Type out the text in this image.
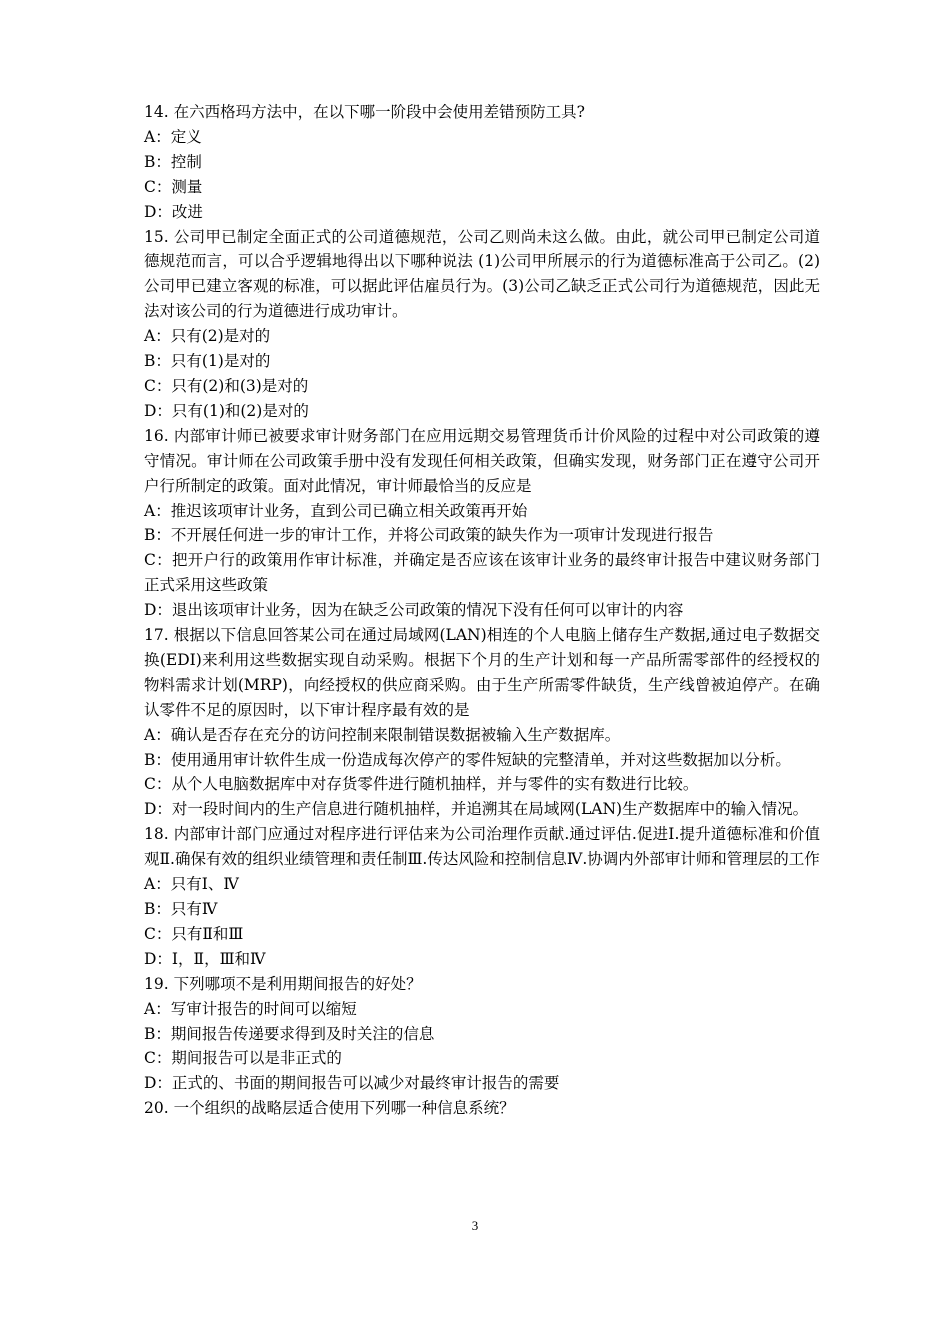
14. 在六西格玛方法中，在以下哪一阶段中会使用差错预防工具?

A：定义

B：控制

C：测量

D：改进

15. 公司甲已制定全面正式的公司道德规范，公司乙则尚未这么做。由此，就公司甲已制定公司道德规范而言，可以合乎逻辑地得出以下哪种说法 (1)公司甲所展示的行为道德标准高于公司乙。(2)公司甲已建立客观的标准，可以据此评估雇员行为。(3)公司乙缺乏正式公司行为道德规范，因此无法对该公司的行为道德进行成功审计。

A：只有(2)是对的

B：只有(1)是对的

C：只有(2)和(3)是对的

D：只有(1)和(2)是对的

16. 内部审计师已被要求审计财务部门在应用远期交易管理货币计价风险的过程中对公司政策的遵守情况。审计师在公司政策手册中没有发现任何相关政策，但确实发现，财务部门正在遵守公司开户行所制定的政策。面对此情况，审计师最恰当的反应是

A：推迟该项审计业务，直到公司已确立相关政策再开始

B：不开展任何进一步的审计工作，并将公司政策的缺失作为一项审计发现进行报告

C：把开户行的政策用作审计标准，并确定是否应该在该审计业务的最终审计报告中建议财务部门正式采用这些政策

D：退出该项审计业务，因为在缺乏公司政策的情况下没有任何可以审计的内容

17. 根据以下信息回答某公司在通过局域网(LAN)相连的个人电脑上储存生产数据,通过电子数据交换(EDI)来利用这些数据实现自动采购。根据下个月的生产计划和每一产品所需零部件的经授权的物料需求计划(MRP)，向经授权的供应商采购。由于生产所需零件缺货，生产线曾被迫停产。在确认零件不足的原因时，以下审计程序最有效的是

A：确认是否存在充分的访问控制来限制错误数据被输入生产数据库。

B：使用通用审计软件生成一份造成每次停产的零件短缺的完整清单，并对这些数据加以分析。

C：从个人电脑数据库中对存货零件进行随机抽样，并与零件的实有数进行比较。

D：对一段时间内的生产信息进行随机抽样，并追溯其在局域网(LAN)生产数据库中的输入情况。

18. 内部审计部门应通过对程序进行评估来为公司治理作贡献.通过评估.促进Ⅰ.提升道德标准和价值观Ⅱ.确保有效的组织业绩管理和责任制Ⅲ.传达风险和控制信息Ⅳ.协调内外部审计师和管理层的工作

A：只有Ⅰ、Ⅳ

B：只有Ⅳ

C：只有Ⅱ和Ⅲ

D：Ⅰ，Ⅱ，Ⅲ和Ⅳ

19. 下列哪项不是利用期间报告的好处？

A：写审计报告的时间可以缩短

B：期间报告传递要求得到及时关注的信息

C：期间报告可以是非正式的

D：正式的、书面的期间报告可以减少对最终审计报告的需要

20. 一个组织的战略层适合使用下列哪一种信息系统？

3
